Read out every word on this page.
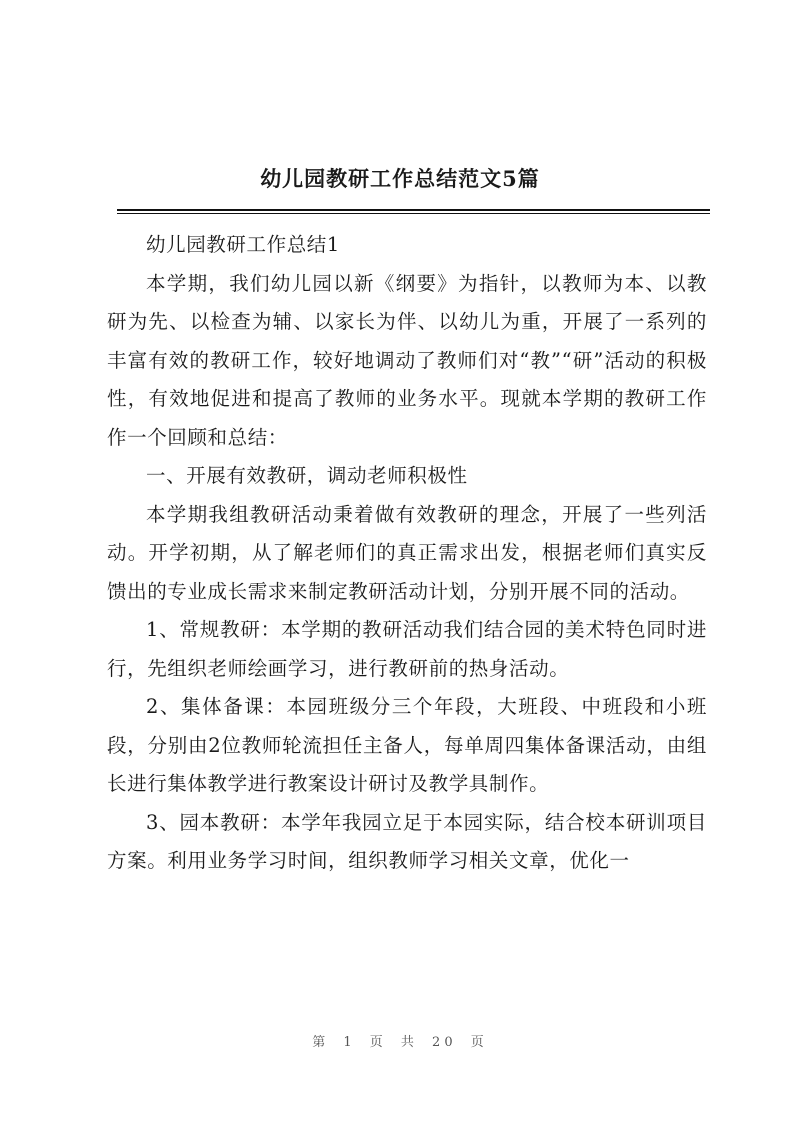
幼儿园教研工作总结范文5篇

幼儿园教研工作总结1

本学期，我们幼儿园以新《纲要》为指针，以教师为本、以教研为先、以检查为辅、以家长为伴、以幼儿为重，开展了一系列的丰富有效的教研工作，较好地调动了教师们对“教”“研”活动的积极性，有效地促进和提高了教师的业务水平。现就本学期的教研工作作一个回顾和总结：

一、开展有效教研，调动老师积极性

本学期我组教研活动秉着做有效教研的理念，开展了一些列活动。开学初期，从了解老师们的真正需求出发，根据老师们真实反馈出的专业成长需求来制定教研活动计划，分别开展不同的活动。

1、常规教研：本学期的教研活动我们结合园的美术特色同时进行，先组织老师绘画学习，进行教研前的热身活动。

2、集体备课：本园班级分三个年段，大班段、中班段和小班段，分别由2位教师轮流担任主备人，每单周四集体备课活动，由组长进行集体教学进行教案设计研讨及教学具制作。

3、园本教研：本学年我园立足于本园实际，结合校本研训项目方案。利用业务学习时间，组织教师学习相关文章，优化一

第 1 页 共 20 页
